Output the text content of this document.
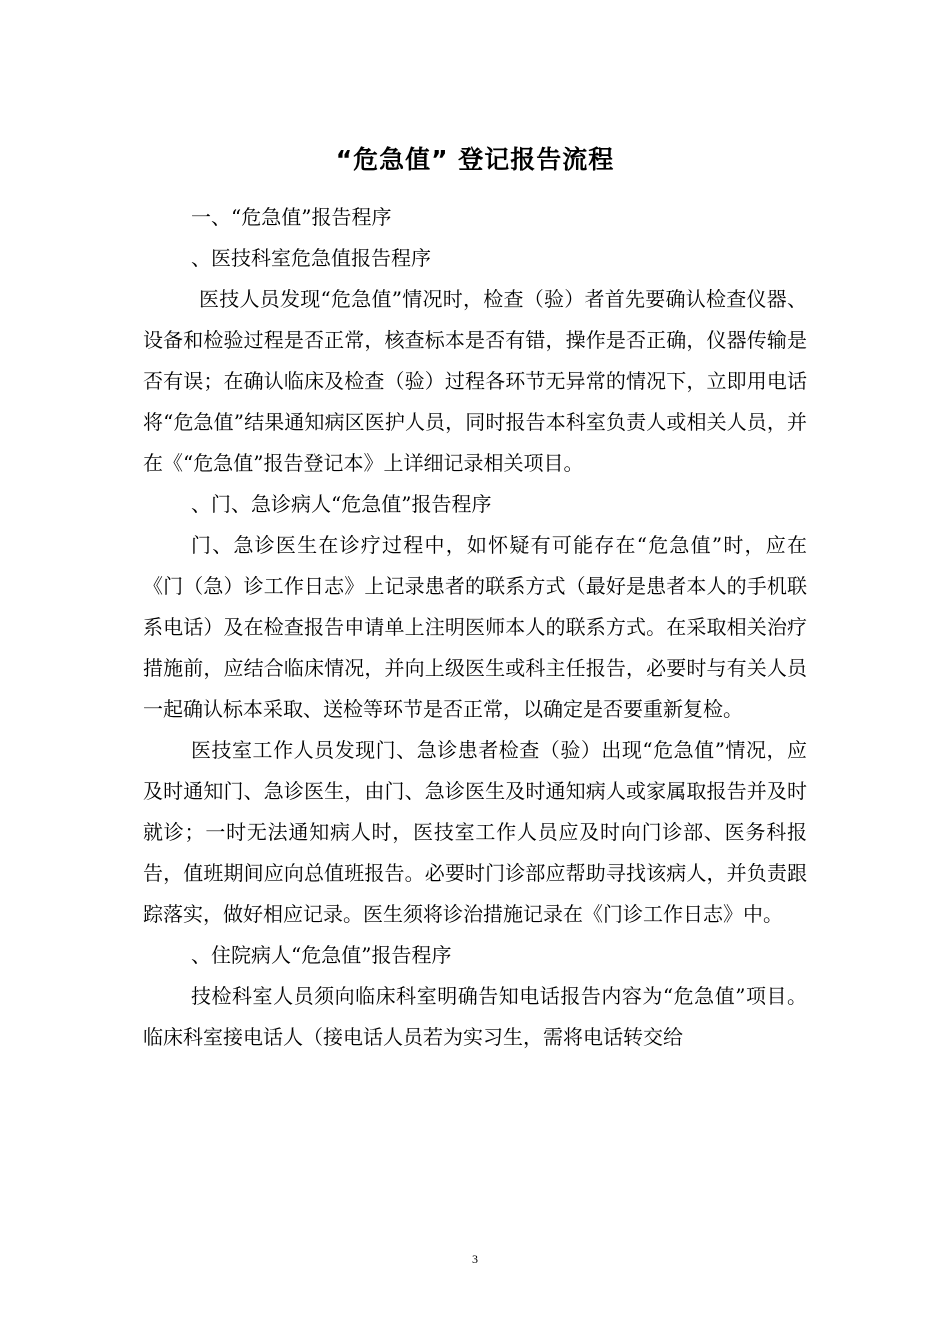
“危急值” 登记报告流程

一、“危急值”报告程序

、医技科室危急值报告程序

医技人员发现“危急值”情况时，检查（验）者首先要确认检查仪器、设备和检验过程是否正常，核查标本是否有错，操作是否正确，仪器传输是否有误；在确认临床及检查（验）过程各环节无异常的情况下，立即用电话将“危急值”结果通知病区医护人员，同时报告本科室负责人或相关人员，并在《“危急值”报告登记本》上详细记录相关项目。

、门、急诊病人“危急值”报告程序

门、急诊医生在诊疗过程中，如怀疑有可能存在“危急值”时，应在《门（急）诊工作日志》上记录患者的联系方式（最好是患者本人的手机联系电话）及在检查报告申请单上注明医师本人的联系方式。在采取相关治疗措施前，应结合临床情况，并向上级医生或科主任报告，必要时与有关人员一起确认标本采取、送检等环节是否正常，以确定是否要重新复检。

医技室工作人员发现门、急诊患者检查（验）出现“危急值”情况，应及时通知门、急诊医生，由门、急诊医生及时通知病人或家属取报告并及时就诊；一时无法通知病人时，医技室工作人员应及时向门诊部、医务科报告，值班期间应向总值班报告。必要时门诊部应帮助寻找该病人，并负责跟踪落实，做好相应记录。医生须将诊治措施记录在《门诊工作日志》中。

、住院病人“危急值”报告程序

技检科室人员须向临床科室明确告知电话报告内容为“危急值”项目。临床科室接电话人（接电话人员若为实习生，需将电话转交给

3
